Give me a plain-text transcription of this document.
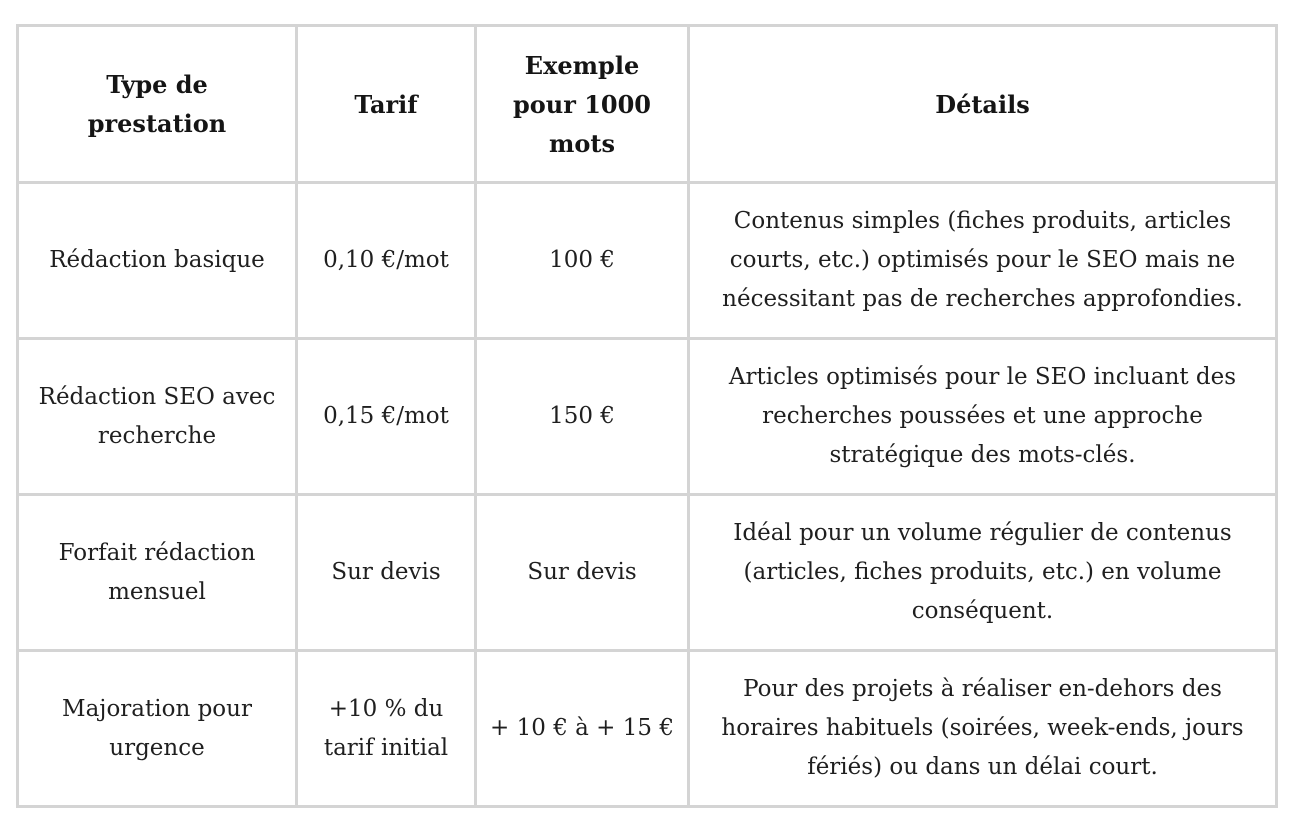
Type de prestation	Tarif	Exemple pour 1000 mots	Détails
Rédaction basique	0,10 €/mot	100 €	Contenus simples (fiches produits, articles courts, etc.) optimisés pour le SEO mais ne nécessitant pas de recherches approfondies.
Rédaction SEO avec recherche	0,15 €/mot	150 €	Articles optimisés pour le SEO incluant des recherches poussées et une approche stratégique des mots-clés.
Forfait rédaction mensuel	Sur devis	Sur devis	Idéal pour un volume régulier de contenus (articles, fiches produits, etc.) en volume conséquent.
Majoration pour urgence	+10 % du tarif initial	+ 10 € à + 15 €	Pour des projets à réaliser en-dehors des horaires habituels (soirées, week-ends, jours fériés) ou dans un délai court.
